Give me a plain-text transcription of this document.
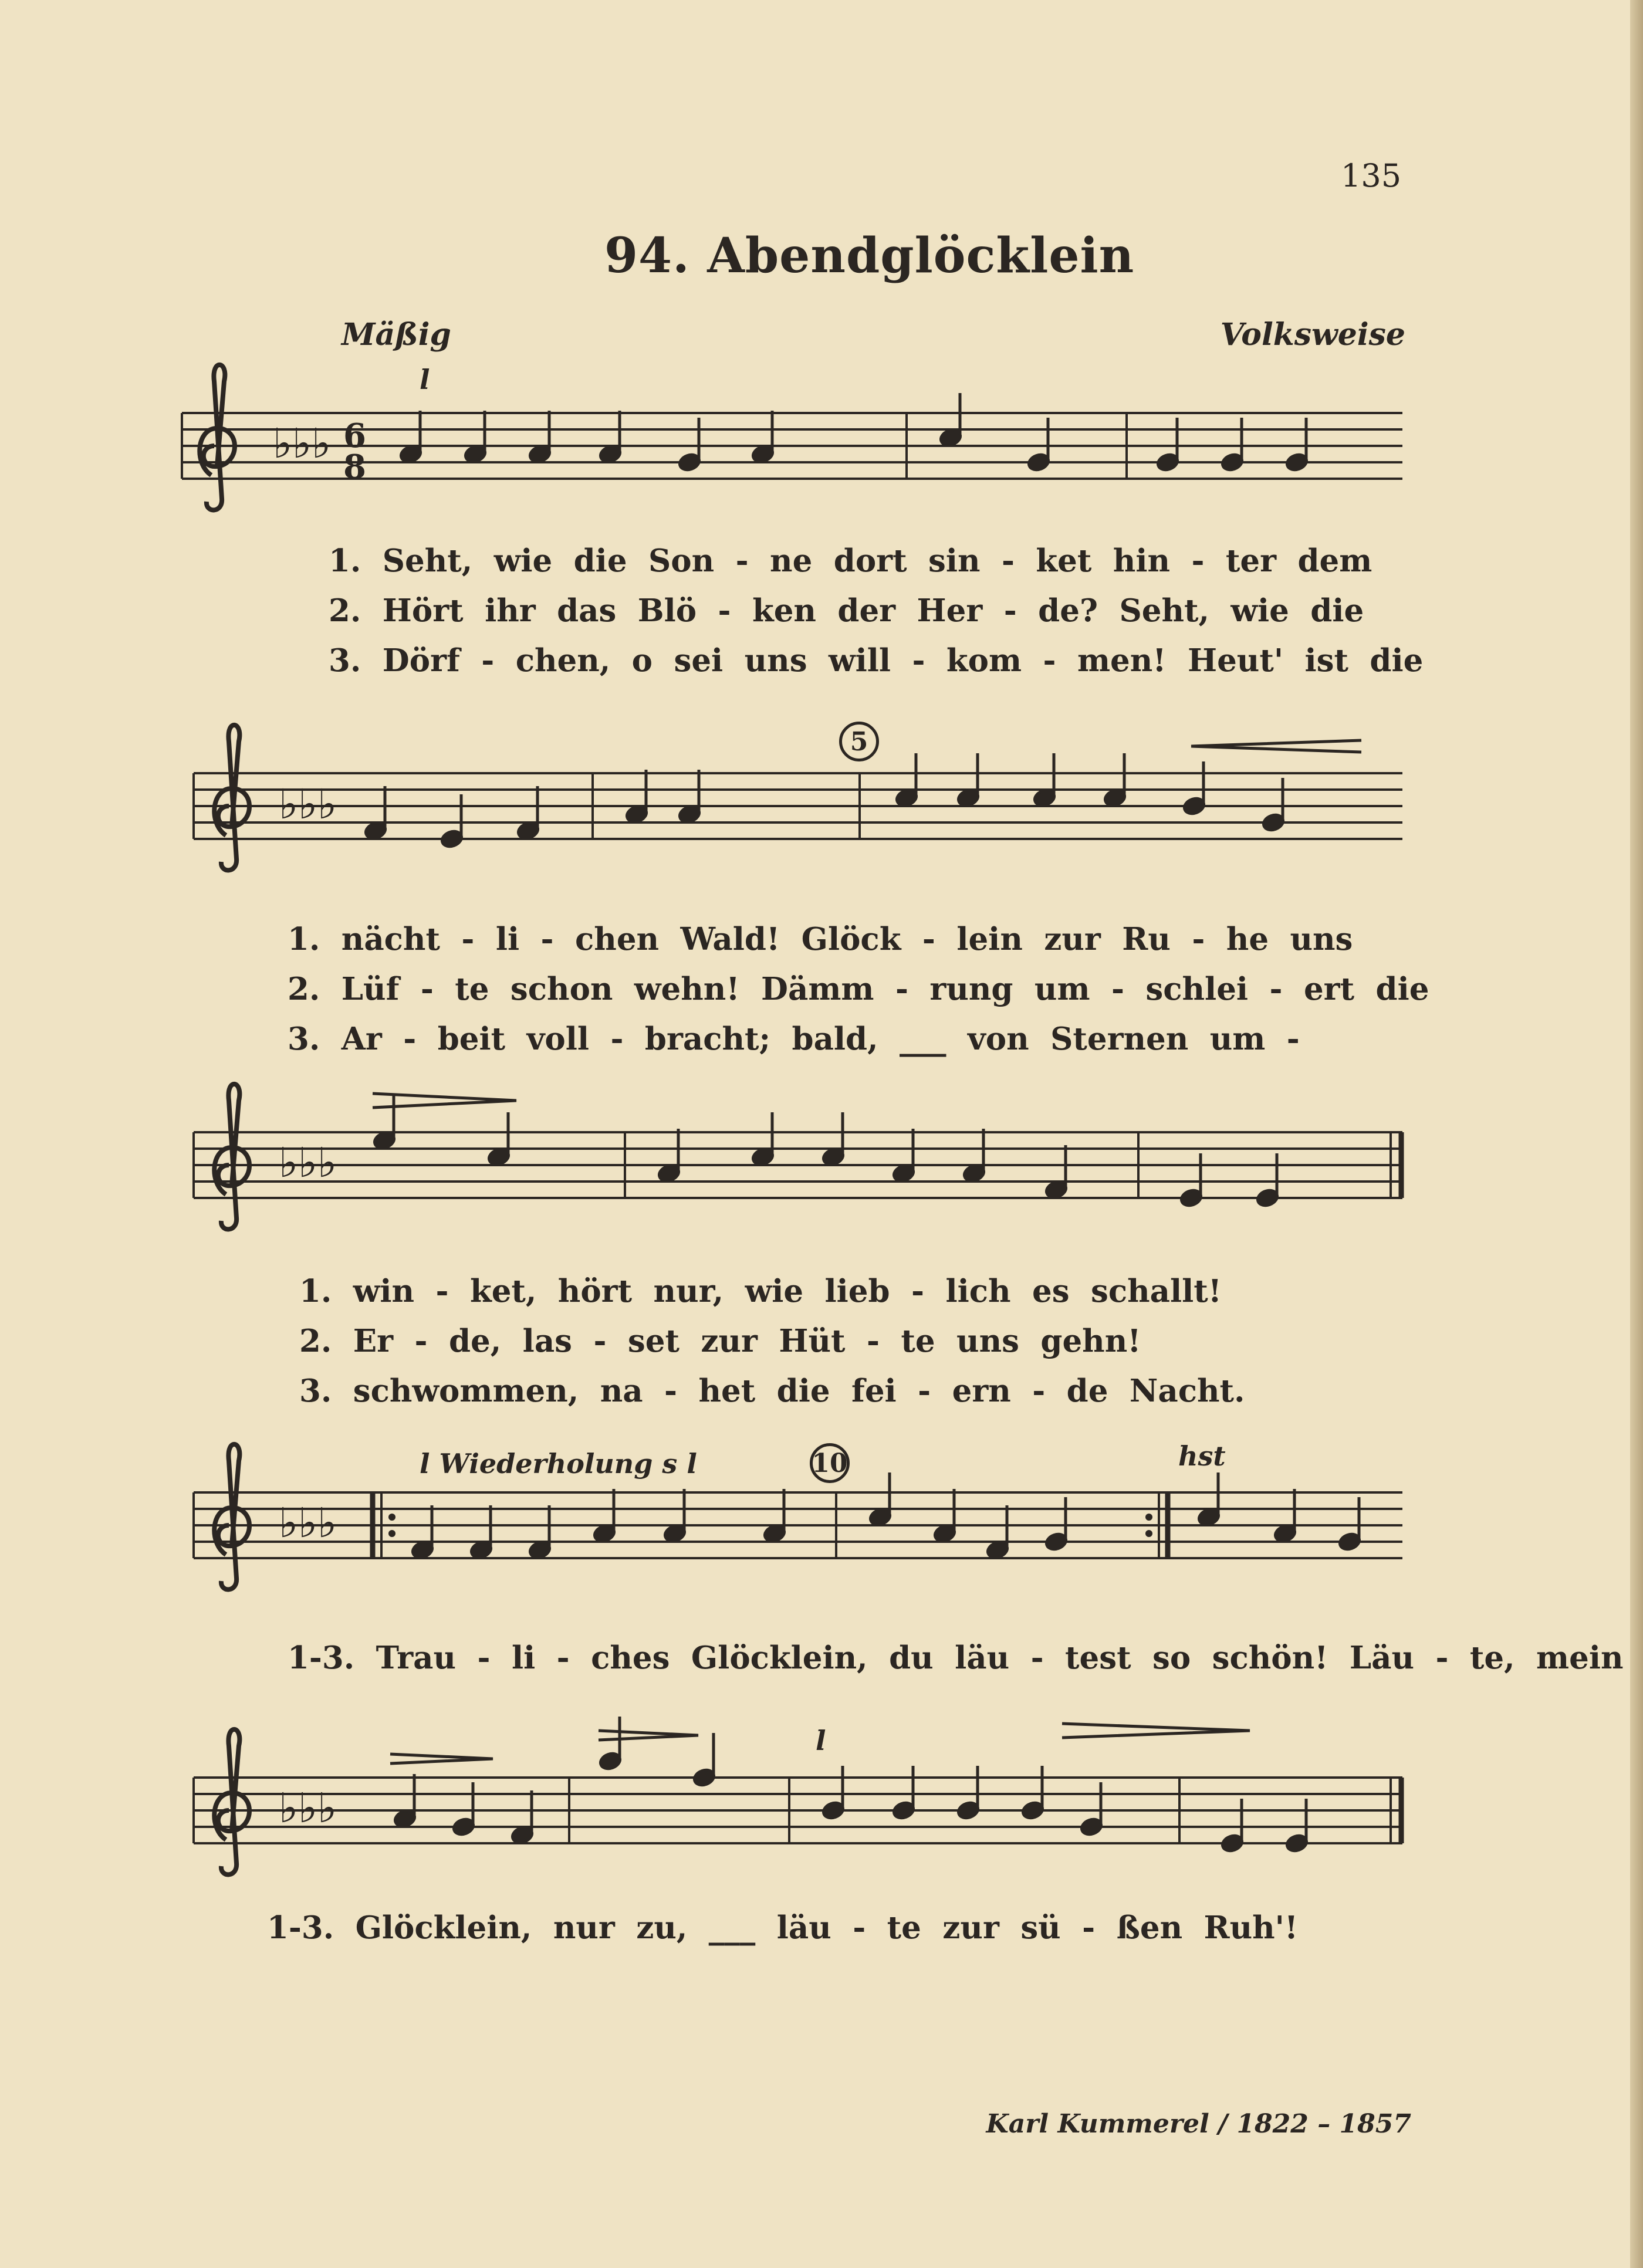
135
94. Abendglöcklein
Mäßig	Volksweise
♭♭♭ 6
8
♭♭♭
♭♭♭
♭♭♭
♭♭♭
l
5
l Wiederholung s l	10	hst
l
1. Seht, wie die Son - ne dort sin - ket hin - ter dem
2. Hört ihr das Blö - ken der Her - de? Seht, wie die
3. Dörf - chen, o sei uns will - kom - men! Heut' ist die
1. nächt - li - chen Wald! Glöck - lein zur Ru - he uns
2. Lüf - te schon wehn! Dämm - rung um - schlei - ert die
3. Ar - beit voll - bracht; bald, ___ von Sternen um -
1. win - ket, hört nur, wie lieb - lich es schallt!
2. Er - de, las - set zur Hüt - te uns gehn!
3. schwommen, na - het die fei - ern - de Nacht.
1-3. Trau - li - ches Glöcklein, du läu - test so schön! Läu - te, mein
1-3. Glöcklein, nur zu, ___ läu - te zur sü - ßen Ruh'!
Karl Kummerel / 1822 – 1857
